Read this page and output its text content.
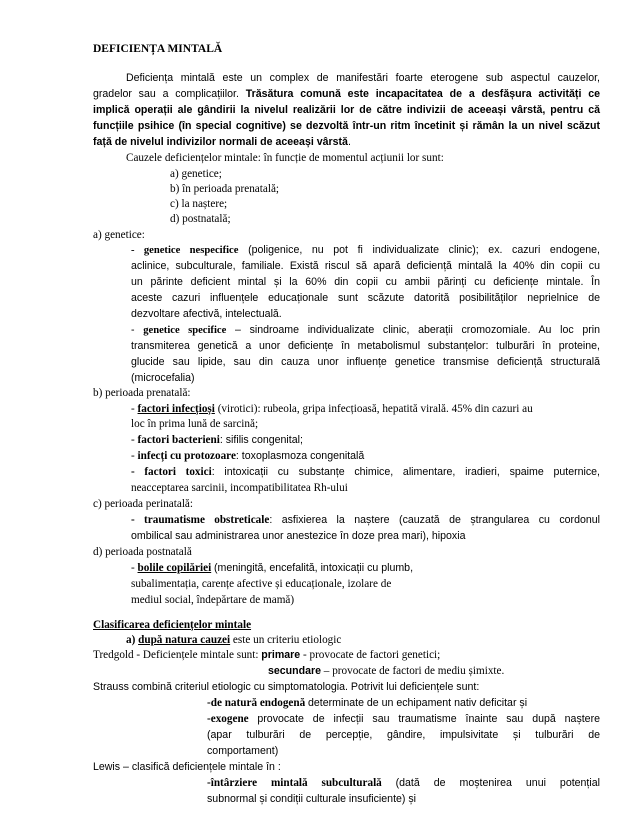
DEFICIENȚA MINTALĂ
Deficiența mintală este un complex de manifestări foarte eterogene sub aspectul cauzelor,
gradelor sau a complicațiilor. Trăsătura comună este incapacitatea de a desfășura activități ce
implică operații ale gândirii la nivelul realizării lor de către indivizii de aceeași vârstă, pentru că
funcțiile psihice (în special cognitive) se dezvoltă într-un ritm încetinit și rămân la un nivel scăzut
față de nivelul indivizilor normali de aceeași vârstă.
Cauzele deficiențelor mintale: în funcție de momentul acțiunii lor sunt:
a) genetice;
b) în perioada prenatală;
c) la naștere;
d) postnatală;
a) genetice:
- genetice nespecifice (poligenice, nu pot fi individualizate clinic); ex. cazuri endogene,
aclinice, subculturale, familiale. Există riscul să apară deficiență mintală la 40% din copii cu
un părinte deficient mintal și la 60% din copii cu ambii părinți cu deficiențe mintale. În
aceste cazuri influențele educaționale sunt scăzute datorită posibilităților neprielnice de
dezvoltare afectivă, intelectuală.
- genetice specifice – sindroame individualizate clinic, aberații cromozomiale. Au loc prin
transmiterea genetică a unor deficiențe în metabolismul substanțelor: tulburări în proteine,
glucide sau lipide, sau din cauza unor influențe genetice transmise deficiență structurală
(microcefalia)
b) perioada prenatală:
- factori infecțioși (virotici): rubeola, gripa infecțioasă, hepatită virală. 45% din cazuri au
loc în prima lună de sarcină;
- factori bacterieni: sifilis congenital;
- infecți cu protozoare: toxoplasmoza congenitală
- factori toxici: intoxicații cu substanțe chimice, alimentare, iradieri, spaime puternice,
neacceptarea sarcinii, incompatibilitatea Rh-ului
c) perioada perinatală:
- traumatisme obstreticale: asfixierea la naștere (cauzată de ștrangularea cu cordonul
ombilical sau administrarea unor anestezice în doze prea mari), hipoxia
d) perioada postnatală
- bolile copilăriei (meningită, encefalită, intoxicații cu plumb,
subalimentația, carențe afective și educaționale, izolare de
mediul social, îndepărtare de mamă)
Clasificarea deficiențelor mintale
a) după natura cauzei este un criteriu etiologic
Tredgold - Deficiențele mintale sunt: primare - provocate de factori genetici;
secundare – provocate de factori de mediu șimixte.
Strauss combină criteriul etiologic cu simptomatologia. Potrivit lui deficiențele sunt:
-de natură endogenă determinate de un echipament nativ deficitar și
-exogene provocate de infecții sau traumatisme înainte sau după naștere
(apar tulburări de percepție, gândire, impulsivitate și tulburări de
comportament)
Lewis – clasifică deficiențele mintale în :
-întârziere mintală subculturală (dată de moștenirea unui potențial
subnormal și condiții culturale insuficiente) și
